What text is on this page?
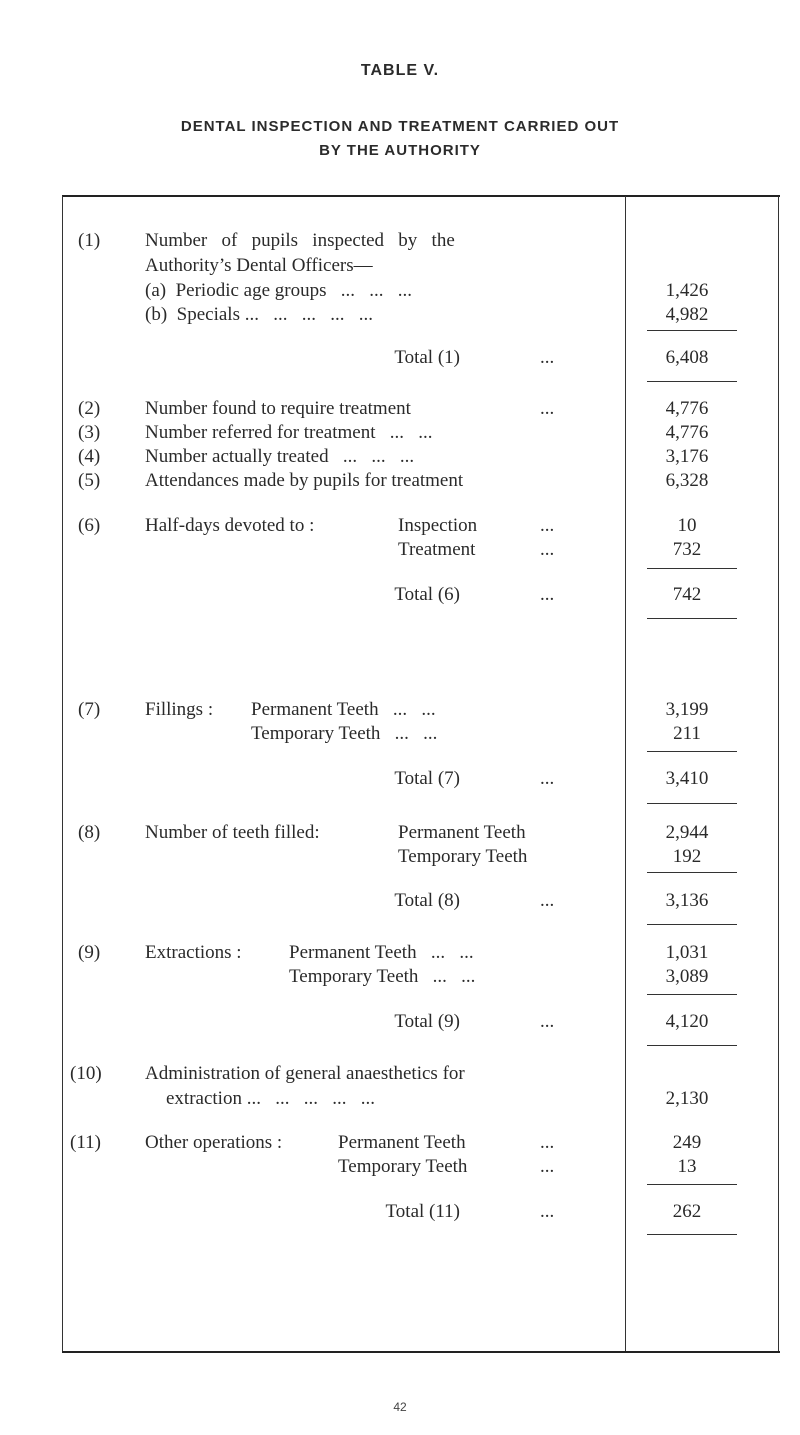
TABLE V.
DENTAL INSPECTION AND TREATMENT CARRIED OUT
BY THE AUTHORITY
(1) Number   of   pupils   inspected   by   the
Authority’s Dental Officers—
(a)  Periodic age groups   ...   ...   ...	1,426
(b)  Specials ...   ...   ...   ...   ...	4,982
Total (1)	...	6,408
(2) Number found to require treatment	...	4,776
(3) Number referred for treatment   ...   ...	4,776
(4) Number actually treated   ...   ...   ...	3,176
(5) Attendances made by pupils for treatment	6,328
(6) Half-days devoted to :	Inspection	...	10
Treatment	...	732
Total (6)	...	742
(7) Fillings : Permanent Teeth   ...   ...	3,199
Temporary Teeth   ...   ...	211
Total (7)	...	3,410
(8) Number of teeth filled:	Permanent Teeth	2,944
Temporary Teeth	192
Total (8)	...	3,136
(9) Extractions : Permanent Teeth   ...   ...	1,031
Temporary Teeth   ...   ...	3,089
Total (9)	...	4,120
(10) Administration of general anaesthetics for
extraction ...   ...   ...   ...   ...	2,130
(11) Other operations :	Permanent Teeth	...	249
Temporary Teeth	...	13
Total (11)	...	262
42
